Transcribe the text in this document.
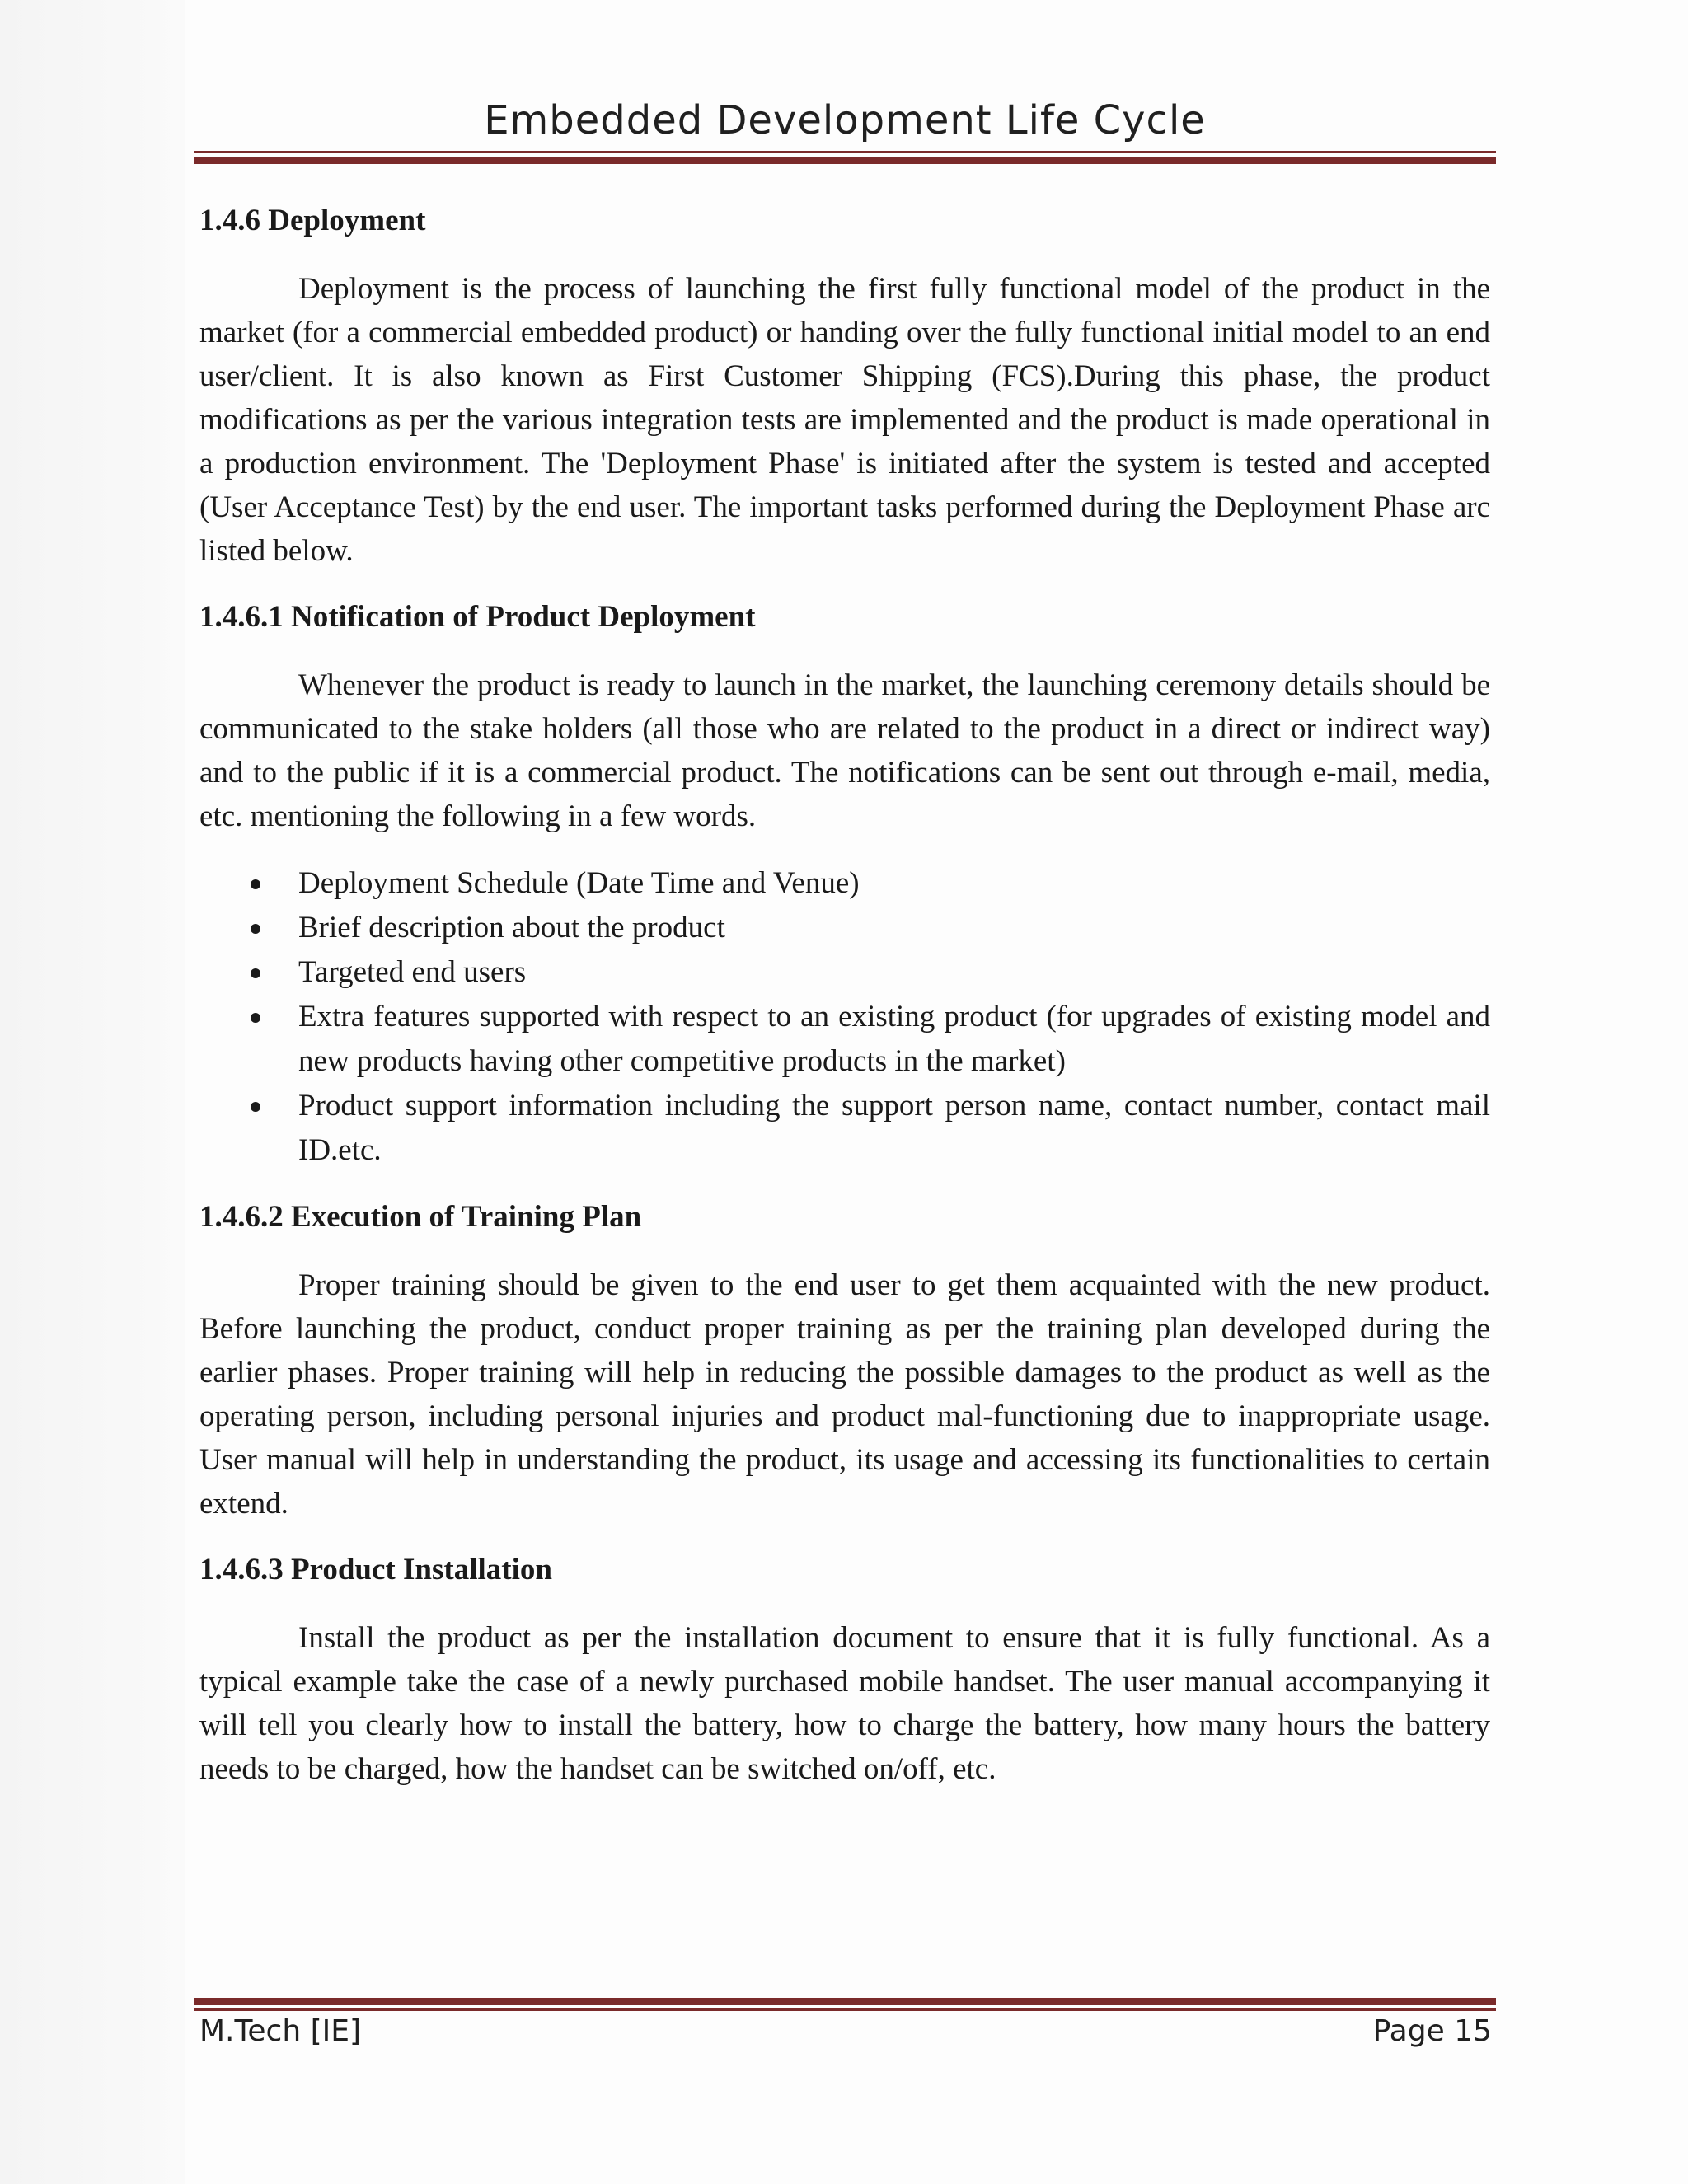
Embedded Development Life Cycle
1.4.6 Deployment

Deployment is the process of launching the first fully functional model of the product in the market (for a commercial embedded product) or handing over the fully functional initial model to an end user/client. It is also known as First Customer Shipping (FCS).During this phase, the product modifications as per the various integration tests are implemented and the product is made operational in a production environment. The 'Deployment Phase' is initiated after the system is tested and accepted (User Acceptance Test) by the end user. The important tasks performed during the Deployment Phase arc listed below.

1.4.6.1 Notification of Product Deployment

Whenever the product is ready to launch in the market, the launching ceremony details should be communicated to the stake holders (all those who are related to the product in a direct or indirect way) and to the public if it is a commercial product. The notifications can be sent out through e-mail, media, etc. mentioning the following in a few words.

Deployment Schedule (Date Time and Venue)
Brief description about the product
Targeted end users
Extra features supported with respect to an existing product (for upgrades of existing model and new products having other competitive products in the market)
Product support information including the support person name, contact number, contact mail ID.etc.
1.4.6.2 Execution of Training Plan

Proper training should be given to the end user to get them acquainted with the new product. Before launching the product, conduct proper training as per the training plan developed during the earlier phases. Proper training will help in reducing the possible damages to the product as well as the operating person, including personal injuries and product mal-functioning due to inappropriate usage. User manual will help in understanding the product, its usage and accessing its functionalities to certain extend.

1.4.6.3 Product Installation

Install the product as per the installation document to ensure that it is fully functional. As a typical example take the case of a newly purchased mobile handset. The user manual accompanying it will tell you clearly how to install the battery, how to charge the battery, how many hours the battery needs to be charged, how the handset can be switched on/off, etc.

M.Tech [IE]	Page 15
